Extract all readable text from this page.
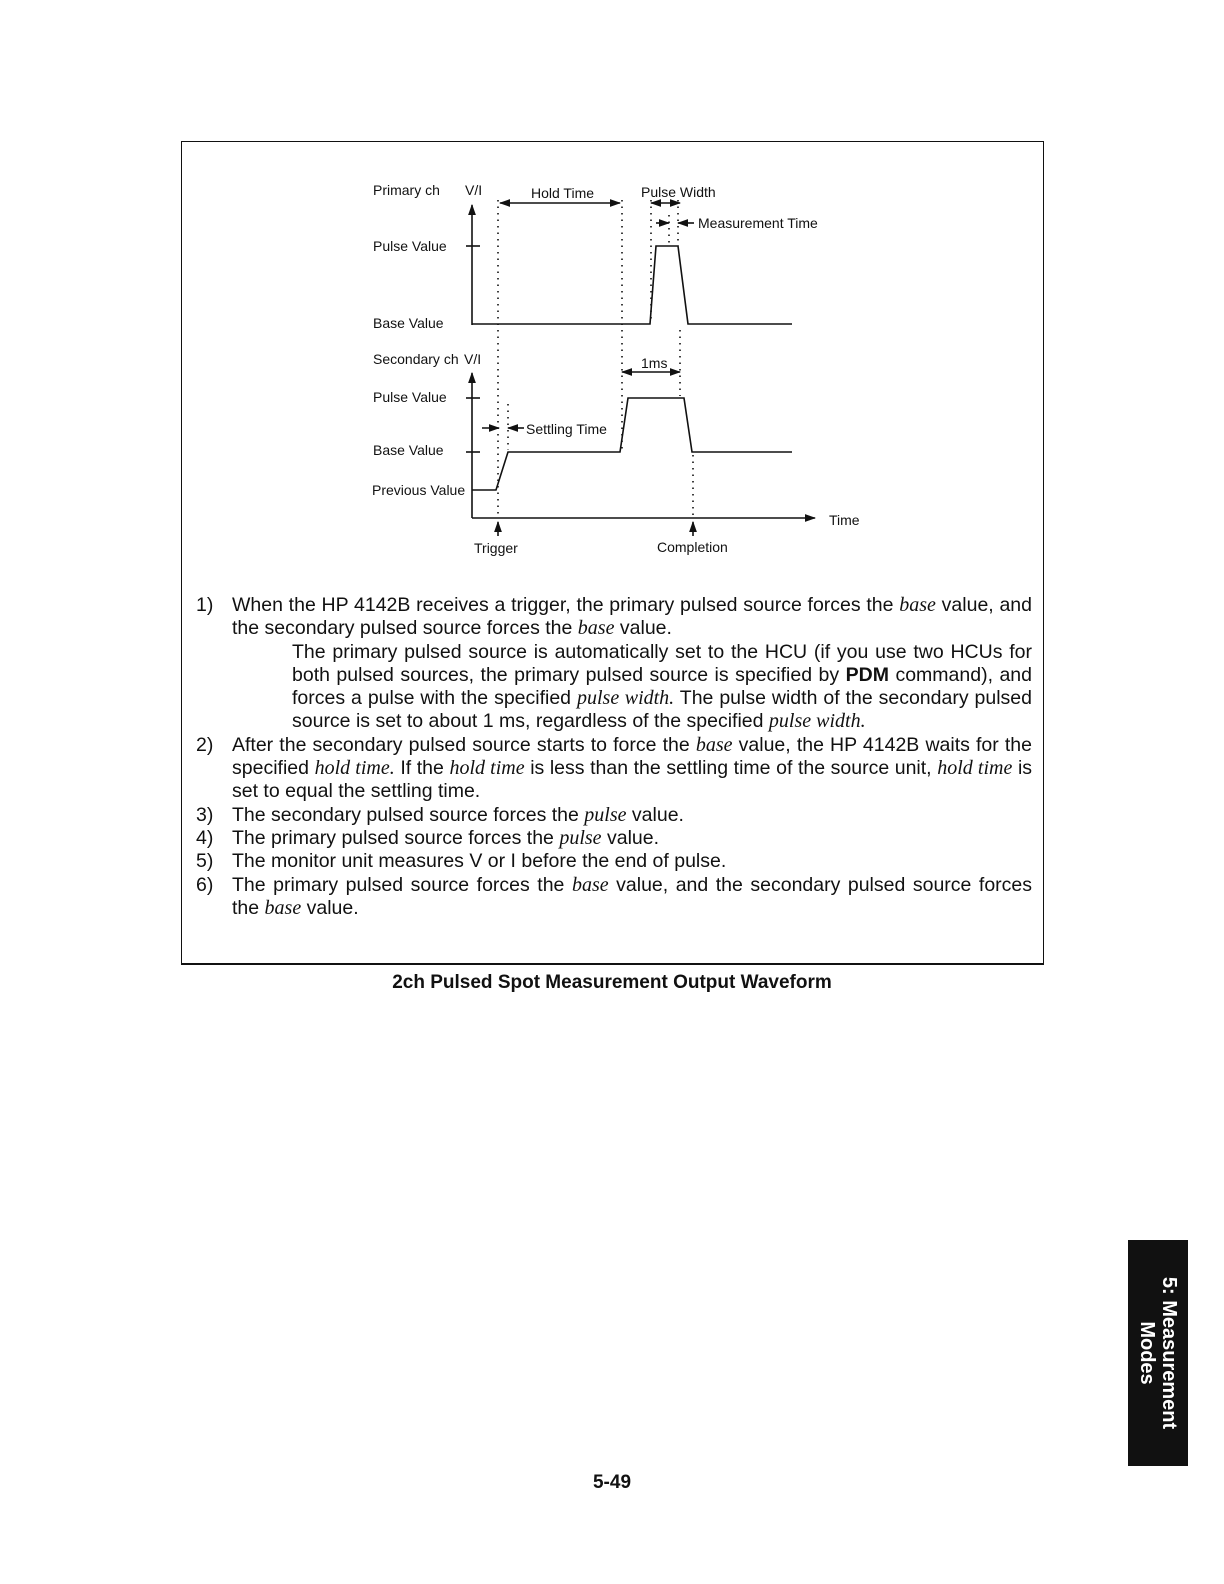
Primary ch V/I	Hold Time	Pulse Width
Measurement Time
Pulse Value
Base Value
Secondary ch V/I	1ms
Pulse Value
Settling Time
Base Value
Previous Value
Time
Trigger	Completion
1) When the HP 4142B receives a trigger, the primary pulsed source forces the base value, and the secondary pulsed source forces the base value.
The primary pulsed source is automatically set to the HCU (if you use two HCUs for both pulsed sources, the primary pulsed source is specified by PDM command), and forces a pulse with the specified pulse width. The pulse width of the secondary pulsed source is set to about 1 ms, regardless of the specified pulse width.
2) After the secondary pulsed source starts to force the base value, the HP 4142B waits for the specified hold time. If the hold time is less than the settling time of the source unit, hold time is set to equal the settling time.
3) The secondary pulsed source forces the pulse value.
4) The primary pulsed source forces the pulse value.
5) The monitor unit measures V or I before the end of pulse.
6) The primary pulsed source forces the base value, and the secondary pulsed source forces the base value.
2ch Pulsed Spot Measurement Output Waveform
5-49
5: Measurement
Modes
